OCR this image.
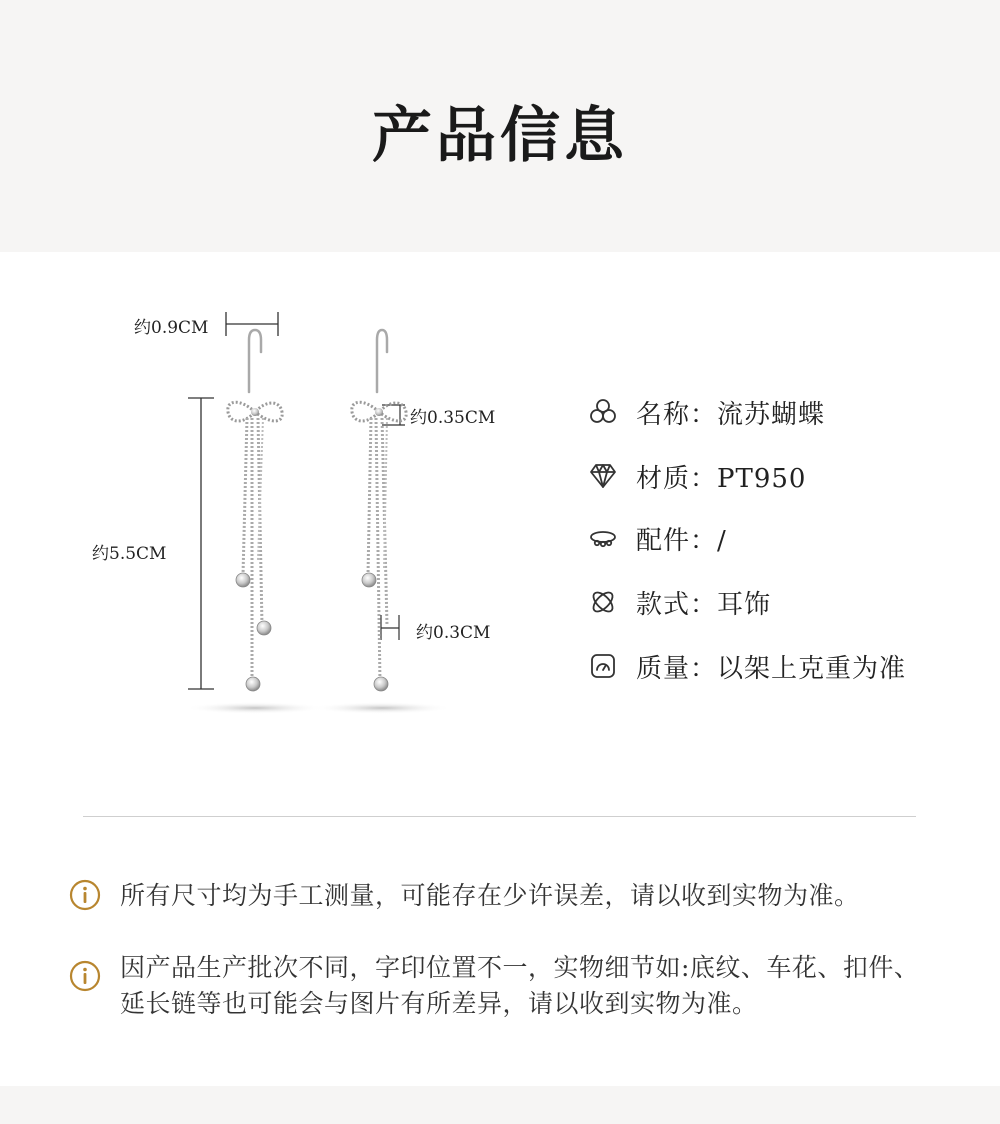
产品信息
约0.9CM
约5.5CM
约0.35CM
约0.3CM
名称：流苏蝴蝶
材质：PT950
配件：/
款式：耳饰
质量：以架上克重为准
所有尺寸均为手工测量，可能存在少许误差，请以收到实物为准。
因产品生产批次不同，字印位置不一，实物细节如:底纹、车花、扣件、延长链等也可能会与图片有所差异，请以收到实物为准。
